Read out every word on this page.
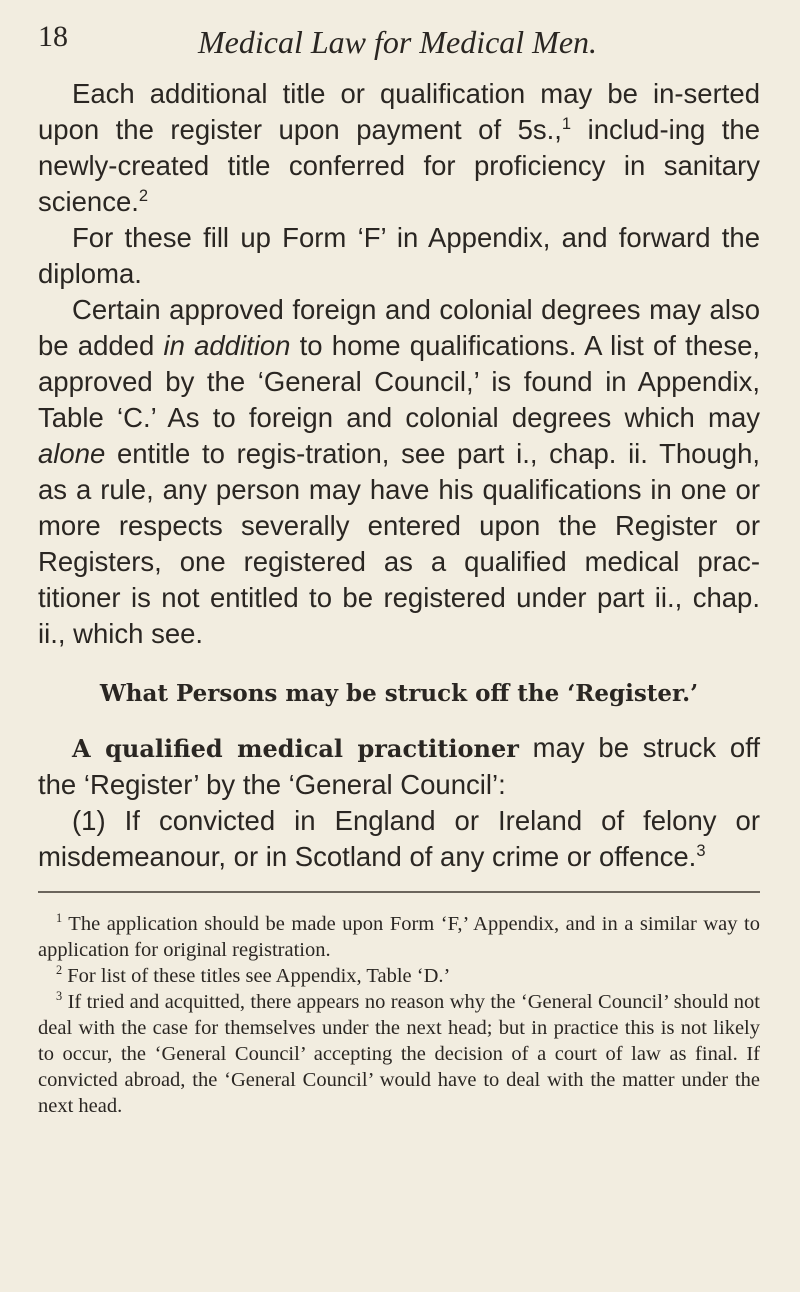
18	Medical Law for Medical Men.

Each additional title or qualification may be in-serted upon the register upon payment of 5s.,$^1$ includ-ing the newly-created title conferred for proficiency in sanitary science.$^2$

For these fill up Form ‘F’ in Appendix, and forward the diploma.

Certain approved foreign and colonial degrees may also be added in addition to home qualifications. A list of these, approved by the ‘General Council,’ is found in Appendix, Table ‘C.’ As to foreign and colonial degrees which may alone entitle to regis-tration, see part i., chap. ii. Though, as a rule, any person may have his qualifications in one or more respects severally entered upon the Register or Registers, one registered as a qualified medical prac-titioner is not entitled to be registered under part ii., chap. ii., which see.

What Persons may be struck off the ‘Register.’

A qualified medical practitioner may be struck off the ‘Register’ by the ‘General Council’:

(1) If convicted in England or Ireland of felony or misdemeanour, or in Scotland of any crime or offence.$^3$

$^1$ The application should be made upon Form ‘F,’ Appendix, and in a similar way to application for original registration.

$^2$ For list of these titles see Appendix, Table ‘D.’

$^3$ If tried and acquitted, there appears no reason why the ‘General Council’ should not deal with the case for themselves under the next head; but in practice this is not likely to occur, the ‘General Council’ accepting the decision of a court of law as final. If convicted abroad, the ‘General Council’ would have to deal with the matter under the next head.
